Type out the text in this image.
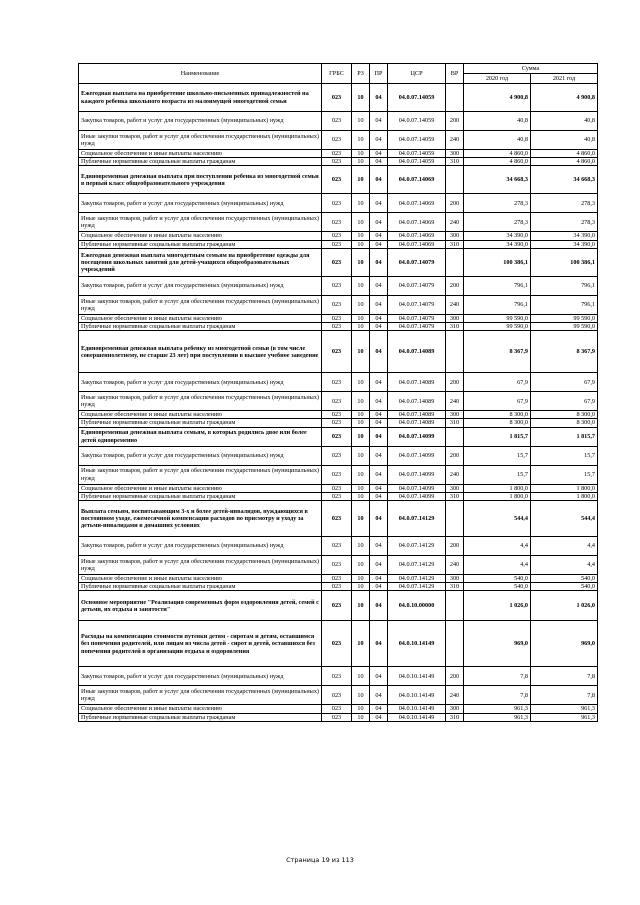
Наименование	ГРБС	РЗ	ПР	ЦСР	ВР	Сумма	
						2020 год	2021 год
Ежегодная выплата на приобретение школьно-письменных принадлежностей на каждого ребенка школьного возраста из малоимущей многодетной семьи	023	10	04	04.0.07.14059		4 900,8	4 900,8
Закупка товаров, работ и услуг для государственных (муниципальных) нужд	023	10	04	04.0.07.14059	200	40,8	40,8
Иные закупки товаров, работ и услуг для обеспечения государственных (муниципальных) нужд	023	10	04	04.0.07.14059	240	40,8	40,8
Социальное обеспечение и иные выплаты населению	023	10	04	04.0.07.14059	300	4 860,0	4 860,0
Публичные нормативные социальные выплаты гражданам	023	10	04	04.0.07.14059	310	4 860,0	4 860,0
Единовременная денежная выплата при поступлении ребенка из многодетной семьи в первый класс общеобразовательного учреждения	023	10	04	04.0.07.14069		34 668,3	34 668,3
Закупка товаров, работ и услуг для государственных (муниципальных) нужд	023	10	04	04.0.07.14069	200	278,3	278,3
Иные закупки товаров, работ и услуг для обеспечения государственных (муниципальных) нужд	023	10	04	04.0.07.14069	240	278,3	278,3
Социальное обеспечение и иные выплаты населению	023	10	04	04.0.07.14069	300	34 390,0	34 390,0
Публичные нормативные социальные выплаты гражданам	023	10	04	04.0.07.14069	310	34 390,0	34 390,0
Ежегодная денежная выплата многодетным семьям на приобретение одежды для посещения школьных занятий для детей-учащихся общеобразовательных учреждений	023	10	04	04.0.07.14079		100 386,1	100 386,1
Закупка товаров, работ и услуг для государственных (муниципальных) нужд	023	10	04	04.0.07.14079	200	796,1	796,1
Иные закупки товаров, работ и услуг для обеспечения государственных (муниципальных) нужд	023	10	04	04.0.07.14079	240	796,1	796,1
Социальное обеспечение и иные выплаты населению	023	10	04	04.0.07.14079	300	99 590,0	99 590,0
Публичные нормативные социальные выплаты гражданам	023	10	04	04.0.07.14079	310	99 590,0	99 590,0
Единовременная денежная выплата ребенку из многодетной семьи (в том числе совершеннолетнему, не старше 23 лет) при поступлении в высшее учебное заведение	023	10	04	04.0.07.14089		8 367,9	8 367,9
Закупка товаров, работ и услуг для государственных (муниципальных) нужд	023	10	04	04.0.07.14089	200	67,9	67,9
Иные закупки товаров, работ и услуг для обеспечения государственных (муниципальных) нужд	023	10	04	04.0.07.14089	240	67,9	67,9
Социальное обеспечение и иные выплаты населению	023	10	04	04.0.07.14089	300	8 300,0	8 300,0
Публичные нормативные социальные выплаты гражданам	023	10	04	04.0.07.14089	310	8 300,0	8 300,0
Единовременная денежная выплата семьям, в которых родились двое или более детей одновременно	023	10	04	04.0.07.14099		1 815,7	1 815,7
Закупка товаров, работ и услуг для государственных (муниципальных) нужд	023	10	04	04.0.07.14099	200	15,7	15,7
Иные закупки товаров, работ и услуг для обеспечения государственных (муниципальных) нужд	023	10	04	04.0.07.14099	240	15,7	15,7
Социальное обеспечение и иные выплаты населению	023	10	04	04.0.07.14099	300	1 800,0	1 800,0
Публичные нормативные социальные выплаты гражданам	023	10	04	04.0.07.14099	310	1 800,0	1 800,0
Выплата семьям, воспитывающим 3-х и более детей-инвалидов, нуждающихся в постоянном уходе, ежемесячной компенсации расходов по присмотру и уходу за детьми-инвалидами в домашних условиях	023	10	04	04.0.07.14129		544,4	544,4
Закупка товаров, работ и услуг для государственных (муниципальных) нужд	023	10	04	04.0.07.14129	200	4,4	4,4
Иные закупки товаров, работ и услуг для обеспечения государственных (муниципальных) нужд	023	10	04	04.0.07.14129	240	4,4	4,4
Социальное обеспечение и иные выплаты населению	023	10	04	04.0.07.14129	300	540,0	540,0
Публичные нормативные социальные выплаты гражданам	023	10	04	04.0.07.14129	310	540,0	540,0
Основное мероприятие "Реализация современных форм оздоровления детей, семей с детьми, их отдыха и занятости"	023	10	04	04.0.10.00000		1 026,0	1 026,0
Расходы на компенсацию стоимости путевки детям - сиротам и детям, оставшимся без попечения родителей, или лицам из числа детей - сирот и детей, оставшихся без попечения родителей в организации отдыха и оздоровления	023	10	04	04.0.10.14149		969,0	969,0
Закупка товаров, работ и услуг для государственных (муниципальных) нужд	023	10	04	04.0.10.14149	200	7,8	7,8
Иные закупки товаров, работ и услуг для обеспечения государственных (муниципальных) нужд	023	10	04	04.0.10.14149	240	7,8	7,8
Социальное обеспечение и иные выплаты населению	023	10	04	04.0.10.14149	300	961,3	961,3
Публичные нормативные социальные выплаты гражданам	023	10	04	04.0.10.14149	310	961,3	961,3
Страница 19 из 113
